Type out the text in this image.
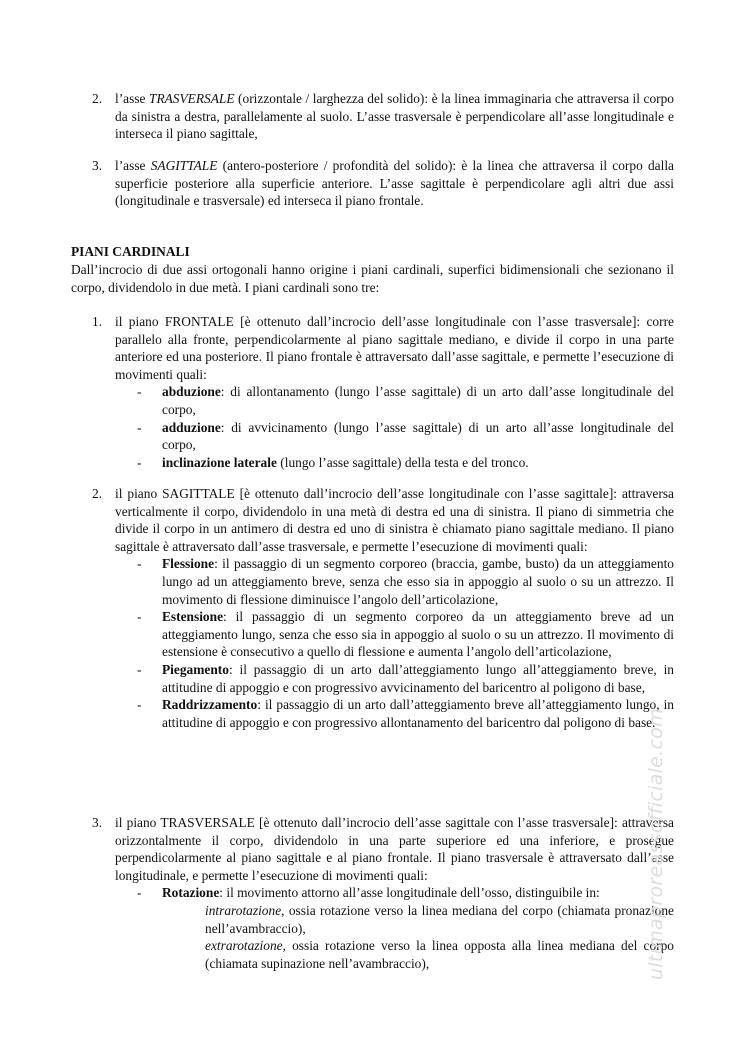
2. l’asse TRASVERSALE (orizzontale / larghezza del solido): è la linea immaginaria che attraversa il corpo da sinistra a destra, parallelamente al suolo. L’asse trasversale è perpendicolare all’asse longitudinale e interseca il piano sagittale,
3. l’asse SAGITTALE (antero-posteriore / profondità del solido): è la linea che attraversa il corpo dalla superficie posteriore alla superficie anteriore. L’asse sagittale è perpendicolare agli altri due assi (longitudinale e trasversale) ed interseca il piano frontale.
PIANI CARDINALI
Dall’incrocio di due assi ortogonali hanno origine i piani cardinali, superfici bidimensionali che sezionano il corpo, dividendolo in due metà. I piani cardinali sono tre:
1. il piano FRONTALE [è ottenuto dall’incrocio dell’asse longitudinale con l’asse trasversale]: corre parallelo alla fronte, perpendicolarmente al piano sagittale mediano, e divide il corpo in una parte anteriore ed una posteriore. Il piano frontale è attraversato dall’asse sagittale, e permette l’esecuzione di movimenti quali:
- abduzione: di allontanamento (lungo l’asse sagittale) di un arto dall’asse longitudinale del corpo,
- adduzione: di avvicinamento (lungo l’asse sagittale) di un arto all’asse longitudinale del corpo,
- inclinazione laterale (lungo l’asse sagittale) della testa e del tronco.
2. il piano SAGITTALE [è ottenuto dall’incrocio dell’asse longitudinale con l’asse sagittale]: attraversa verticalmente il corpo, dividendolo in una metà di destra ed una di sinistra. Il piano di simmetria che divide il corpo in un antimero di destra ed uno di sinistra è chiamato piano sagittale mediano. Il piano sagittale è attraversato dall’asse trasversale, e permette l’esecuzione di movimenti quali:
- Flessione: il passaggio di un segmento corporeo (braccia, gambe, busto) da un atteggiamento lungo ad un atteggiamento breve, senza che esso sia in appoggio al suolo o su un attrezzo. Il movimento di flessione diminuisce l’angolo dell’articolazione,
- Estensione: il passaggio di un segmento corporeo da un atteggiamento breve ad un atteggiamento lungo, senza che esso sia in appoggio al suolo o su un attrezzo. Il movimento di estensione è consecutivo a quello di flessione e aumenta l’angolo dell’articolazione,
- Piegamento: il passaggio di un arto dall’atteggiamento lungo all’atteggiamento breve, in attitudine di appoggio e con progressivo avvicinamento del baricentro al poligono di base,
- Raddrizzamento: il passaggio di un arto dall’atteggiamento breve all’atteggiamento lungo, in attitudine di appoggio e con progressivo allontanamento del baricentro dal poligono di base.
3. il piano TRASVERSALE [è ottenuto dall’incrocio dell’asse sagittale con l’asse trasversale]: attraversa orizzontalmente il corpo, dividendolo in una parte superiore ed una inferiore, e prosegue perpendicolarmente al piano sagittale e al piano frontale. Il piano trasversale è attraversato dall’asse longitudinale, e permette l’esecuzione di movimenti quali:
- Rotazione: il movimento attorno all’asse longitudinale dell’osso, distinguibile in:
intrarotazione, ossia rotazione verso la linea mediana del corpo (chiamata pronazione nell’avambraccio),
extrarotazione, ossia rotazione verso la linea opposta alla linea mediana del corpo (chiamata supinazione nell’avambraccio),	ultimaproreassofficiale.com
